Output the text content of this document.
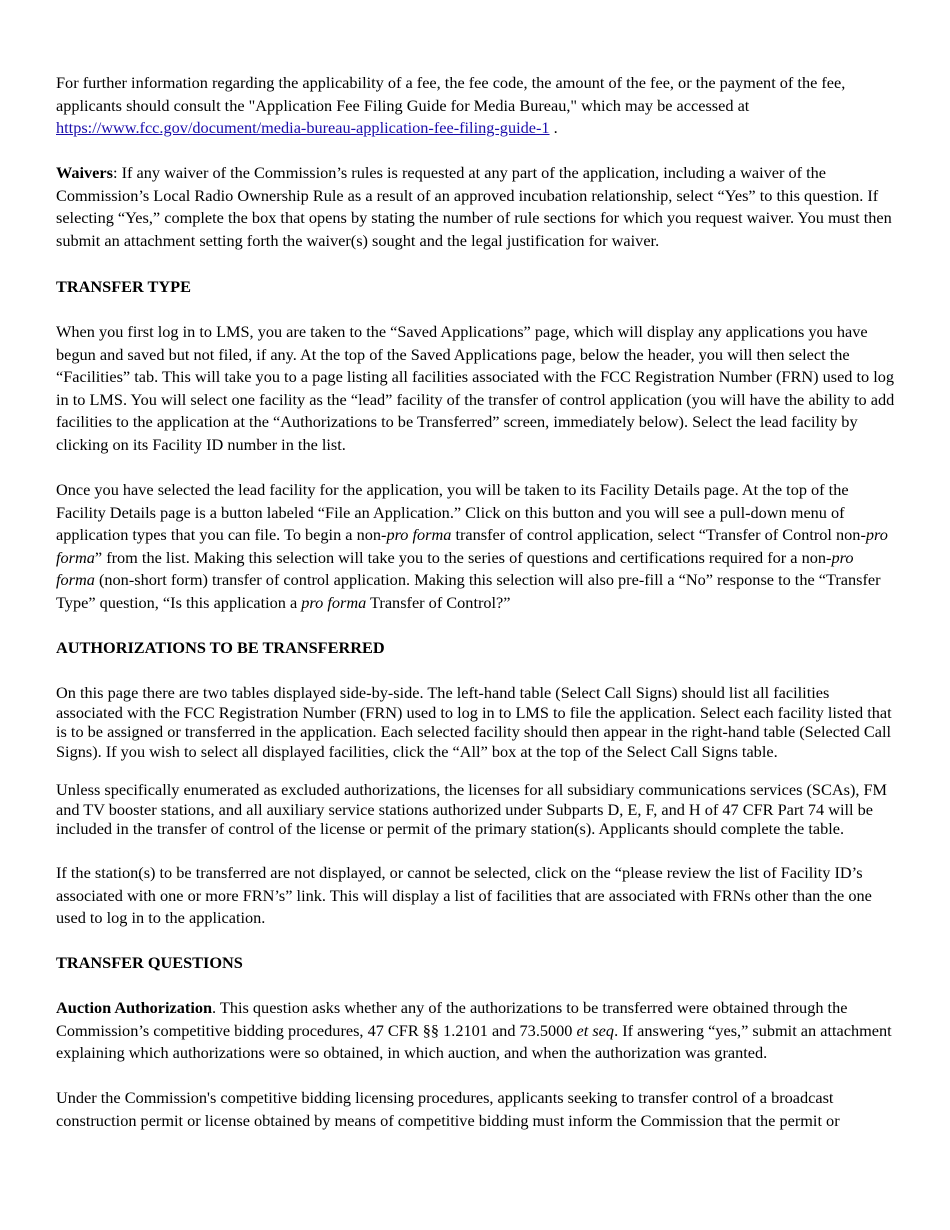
For further information regarding the applicability of a fee, the fee code, the amount of the fee, or the payment of the fee,
applicants should consult the "Application Fee Filing Guide for Media Bureau," which may be accessed at
https://www.fcc.gov/document/media-bureau-application-fee-filing-guide-1 .

Waivers: If any waiver of the Commission’s rules is requested at any part of the application, including a waiver of the Commission’s Local Radio Ownership Rule as a result of an approved incubation relationship, select “Yes” to this question. If selecting “Yes,” complete the box that opens by stating the number of rule sections for which you request waiver. You must then submit an attachment setting forth the waiver(s) sought and the legal justification for waiver.

TRANSFER TYPE

When you first log in to LMS, you are taken to the “Saved Applications” page, which will display any applications you have begun and saved but not filed, if any. At the top of the Saved Applications page, below the header, you will then select the “Facilities” tab. This will take you to a page listing all facilities associated with the FCC Registration Number (FRN) used to log in to LMS. You will select one facility as the “lead” facility of the transfer of control application (you will have the ability to add facilities to the application at the “Authorizations to be Transferred” screen, immediately below). Select the lead facility by clicking on its Facility ID number in the list.

Once you have selected the lead facility for the application, you will be taken to its Facility Details page. At the top of the Facility Details page is a button labeled “File an Application.” Click on this button and you will see a pull-down menu of application types that you can file. To begin a non-pro forma transfer of control application, select “Transfer of Control non-pro forma” from the list. Making this selection will take you to the series of questions and certifications required for a non-pro forma (non-short form) transfer of control application. Making this selection will also pre-fill a “No” response to the “Transfer Type” question, “Is this application a pro forma Transfer of Control?”

AUTHORIZATIONS TO BE TRANSFERRED

On this page there are two tables displayed side-by-side. The left-hand table (Select Call Signs) should list all facilities associated with the FCC Registration Number (FRN) used to log in to LMS to file the application. Select each facility listed that is to be assigned or transferred in the application. Each selected facility should then appear in the right-hand table (Selected Call Signs). If you wish to select all displayed facilities, click the “All” box at the top of the Select Call Signs table.

Unless specifically enumerated as excluded authorizations, the licenses for all subsidiary communications services (SCAs), FM and TV booster stations, and all auxiliary service stations authorized under Subparts D, E, F, and H of 47 CFR Part 74 will be included in the transfer of control of the license or permit of the primary station(s). Applicants should complete the table.

If the station(s) to be transferred are not displayed, or cannot be selected, click on the “please review the list of Facility ID’s associated with one or more FRN’s” link. This will display a list of facilities that are associated with FRNs other than the one used to log in to the application.

TRANSFER QUESTIONS

Auction Authorization. This question asks whether any of the authorizations to be transferred were obtained through the Commission’s competitive bidding procedures, 47 CFR §§ 1.2101 and 73.5000 et seq. If answering “yes,” submit an attachment explaining which authorizations were so obtained, in which auction, and when the authorization was granted.

Under the Commission's competitive bidding licensing procedures, applicants seeking to transfer control of a broadcast construction permit or license obtained by means of competitive bidding must inform the Commission that the permit or
